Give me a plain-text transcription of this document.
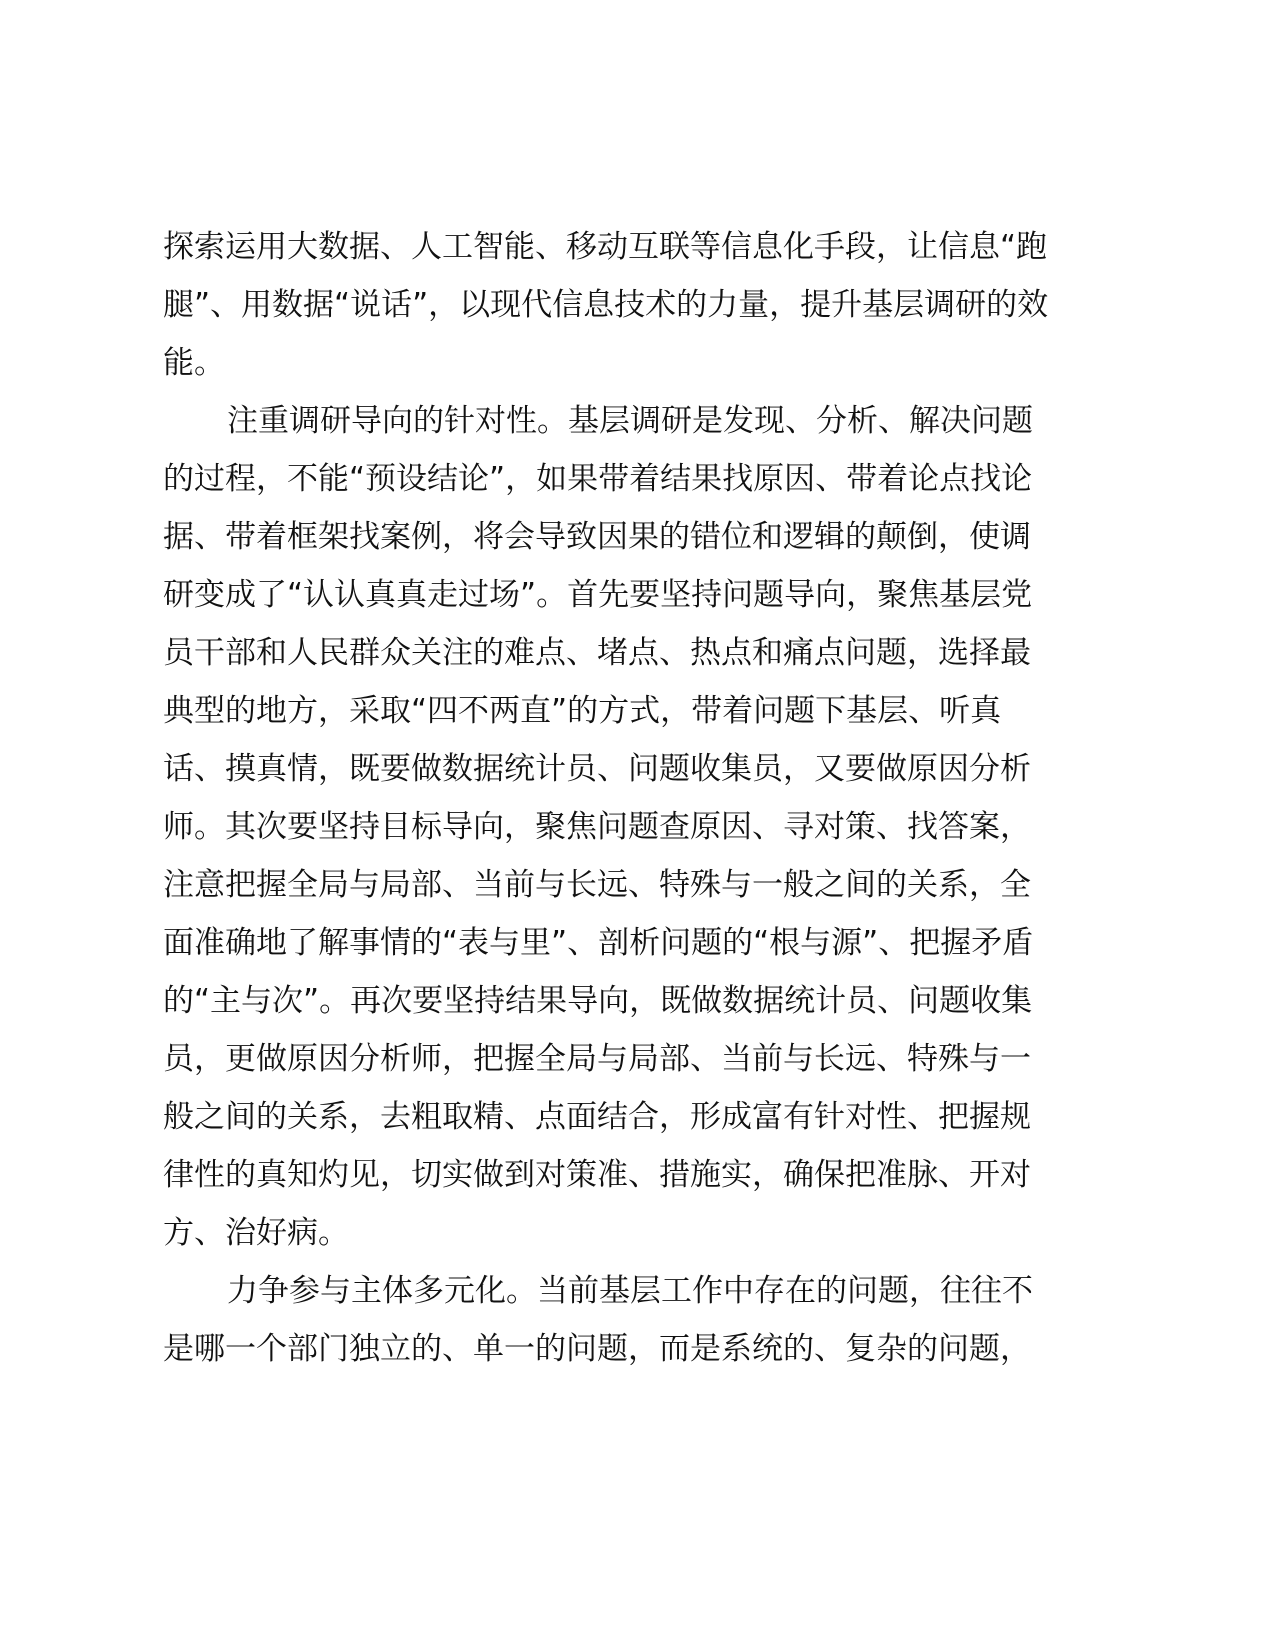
探索运用大数据、人工智能、移动互联等信息化手段，让信息“跑
腿”、用数据“说话”，以现代信息技术的力量，提升基层调研的效
能。
注重调研导向的针对性。基层调研是发现、分析、解决问题
的过程，不能“预设结论”，如果带着结果找原因、带着论点找论
据、带着框架找案例，将会导致因果的错位和逻辑的颠倒，使调
研变成了“认认真真走过场”。首先要坚持问题导向，聚焦基层党
员干部和人民群众关注的难点、堵点、热点和痛点问题，选择最
典型的地方，采取“四不两直”的方式，带着问题下基层、听真
话、摸真情，既要做数据统计员、问题收集员，又要做原因分析
师。其次要坚持目标导向，聚焦问题查原因、寻对策、找答案，
注意把握全局与局部、当前与长远、特殊与一般之间的关系，全
面准确地了解事情的“表与里”、剖析问题的“根与源”、把握矛盾
的“主与次”。再次要坚持结果导向，既做数据统计员、问题收集
员，更做原因分析师，把握全局与局部、当前与长远、特殊与一
般之间的关系，去粗取精、点面结合，形成富有针对性、把握规
律性的真知灼见，切实做到对策准、措施实，确保把准脉、开对
方、治好病。
力争参与主体多元化。当前基层工作中存在的问题，往往不
是哪一个部门独立的、单一的问题，而是系统的、复杂的问题，
